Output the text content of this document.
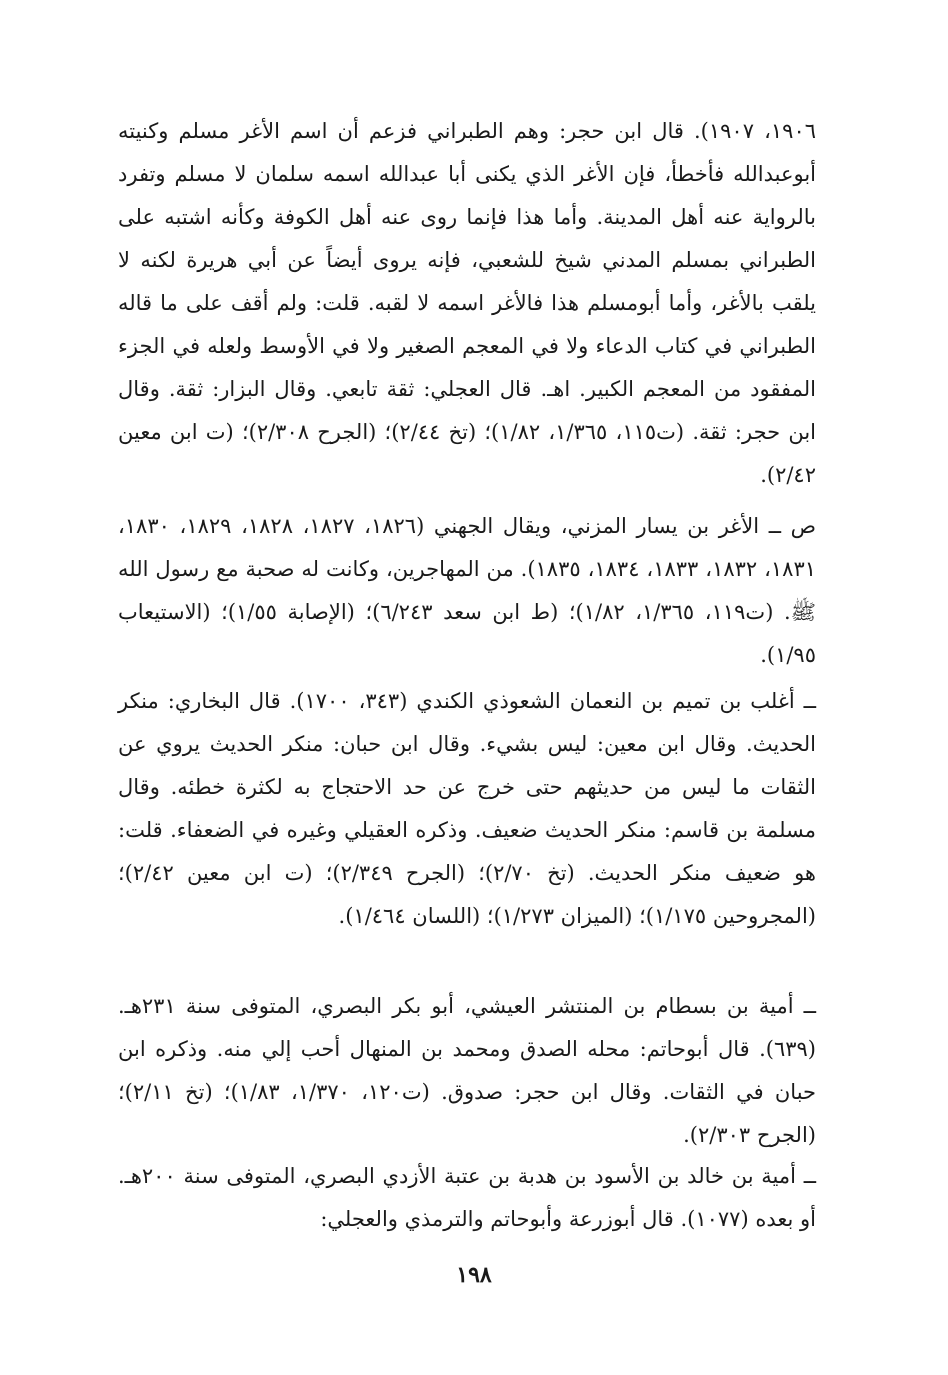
١٩٠٦، ١٩٠٧). قال ابن حجر: وهم الطبراني فزعم أن اسم الأغر مسلم وكنيته أبوعبدالله فأخطأ، فإن الأغر الذي يكنى أبا عبدالله اسمه سلمان لا مسلم وتفرد بالرواية عنه أهل المدينة. وأما هذا فإنما روى عنه أهل الكوفة وكأنه اشتبه على الطبراني بمسلم المدني شيخ للشعبي، فإنه يروى أيضاً عن أبي هريرة لكنه لا يلقب بالأغر، وأما أبومسلم هذا فالأغر اسمه لا لقبه. قلت: ولم أقف على ما قاله الطبراني في كتاب الدعاء ولا في المعجم الصغير ولا في الأوسط ولعله في الجزء المفقود من المعجم الكبير. اهـ. قال العجلي: ثقة تابعي. وقال البزار: ثقة. وقال ابن حجر: ثقة. (ت١١٥، ١/٣٦٥، ١/٨٢)؛ (تخ ٢/٤٤)؛ (الجرح ٢/٣٠٨)؛ (ت ابن معين ٢/٤٢).

ص ــ الأغر بن يسار المزني، ويقال الجهني (١٨٢٦، ١٨٢٧، ١٨٢٨، ١٨٢٩، ١٨٣٠، ١٨٣١، ١٨٣٢، ١٨٣٣، ١٨٣٤، ١٨٣٥). من المهاجرين، وكانت له صحبة مع رسول الله ﷺ. (ت١١٩، ١/٣٦٥، ١/٨٢)؛ (ط ابن سعد ٦/٢٤٣)؛ (الإصابة ١/٥٥)؛ (الاستيعاب ١/٩٥).

ــ أغلب بن تميم بن النعمان الشعوذي الكندي (٣٤٣، ١٧٠٠). قال البخاري: منكر الحديث. وقال ابن معين: ليس بشيء. وقال ابن حبان: منكر الحديث يروي عن الثقات ما ليس من حديثهم حتى خرج عن حد الاحتجاج به لكثرة خطئه. وقال مسلمة بن قاسم: منكر الحديث ضعيف. وذكره العقيلي وغيره في الضعفاء. قلت: هو ضعيف منكر الحديث. (تخ ٢/٧٠)؛ (الجرح ٢/٣٤٩)؛ (ت ابن معين ٢/٤٢)؛ (المجروحين ١/١٧٥)؛ (الميزان ١/٢٧٣)؛ (اللسان ١/٤٦٤).

ــ أمية بن بسطام بن المنتشر العيشي، أبو بكر البصري، المتوفى سنة ٢٣١هـ. (٦٣٩). قال أبوحاتم: محله الصدق ومحمد بن المنهال أحب إلي منه. وذكره ابن حبان في الثقات. وقال ابن حجر: صدوق. (ت١٢٠، ١/٣٧٠، ١/٨٣)؛ (تخ ٢/١١)؛ (الجرح ٢/٣٠٣).

ــ أمية بن خالد بن الأسود بن هدبة بن عتبة الأزدي البصري، المتوفى سنة ٢٠٠هـ. أو بعده (١٠٧٧). قال أبوزرعة وأبوحاتم والترمذي والعجلي:

١٩٨
